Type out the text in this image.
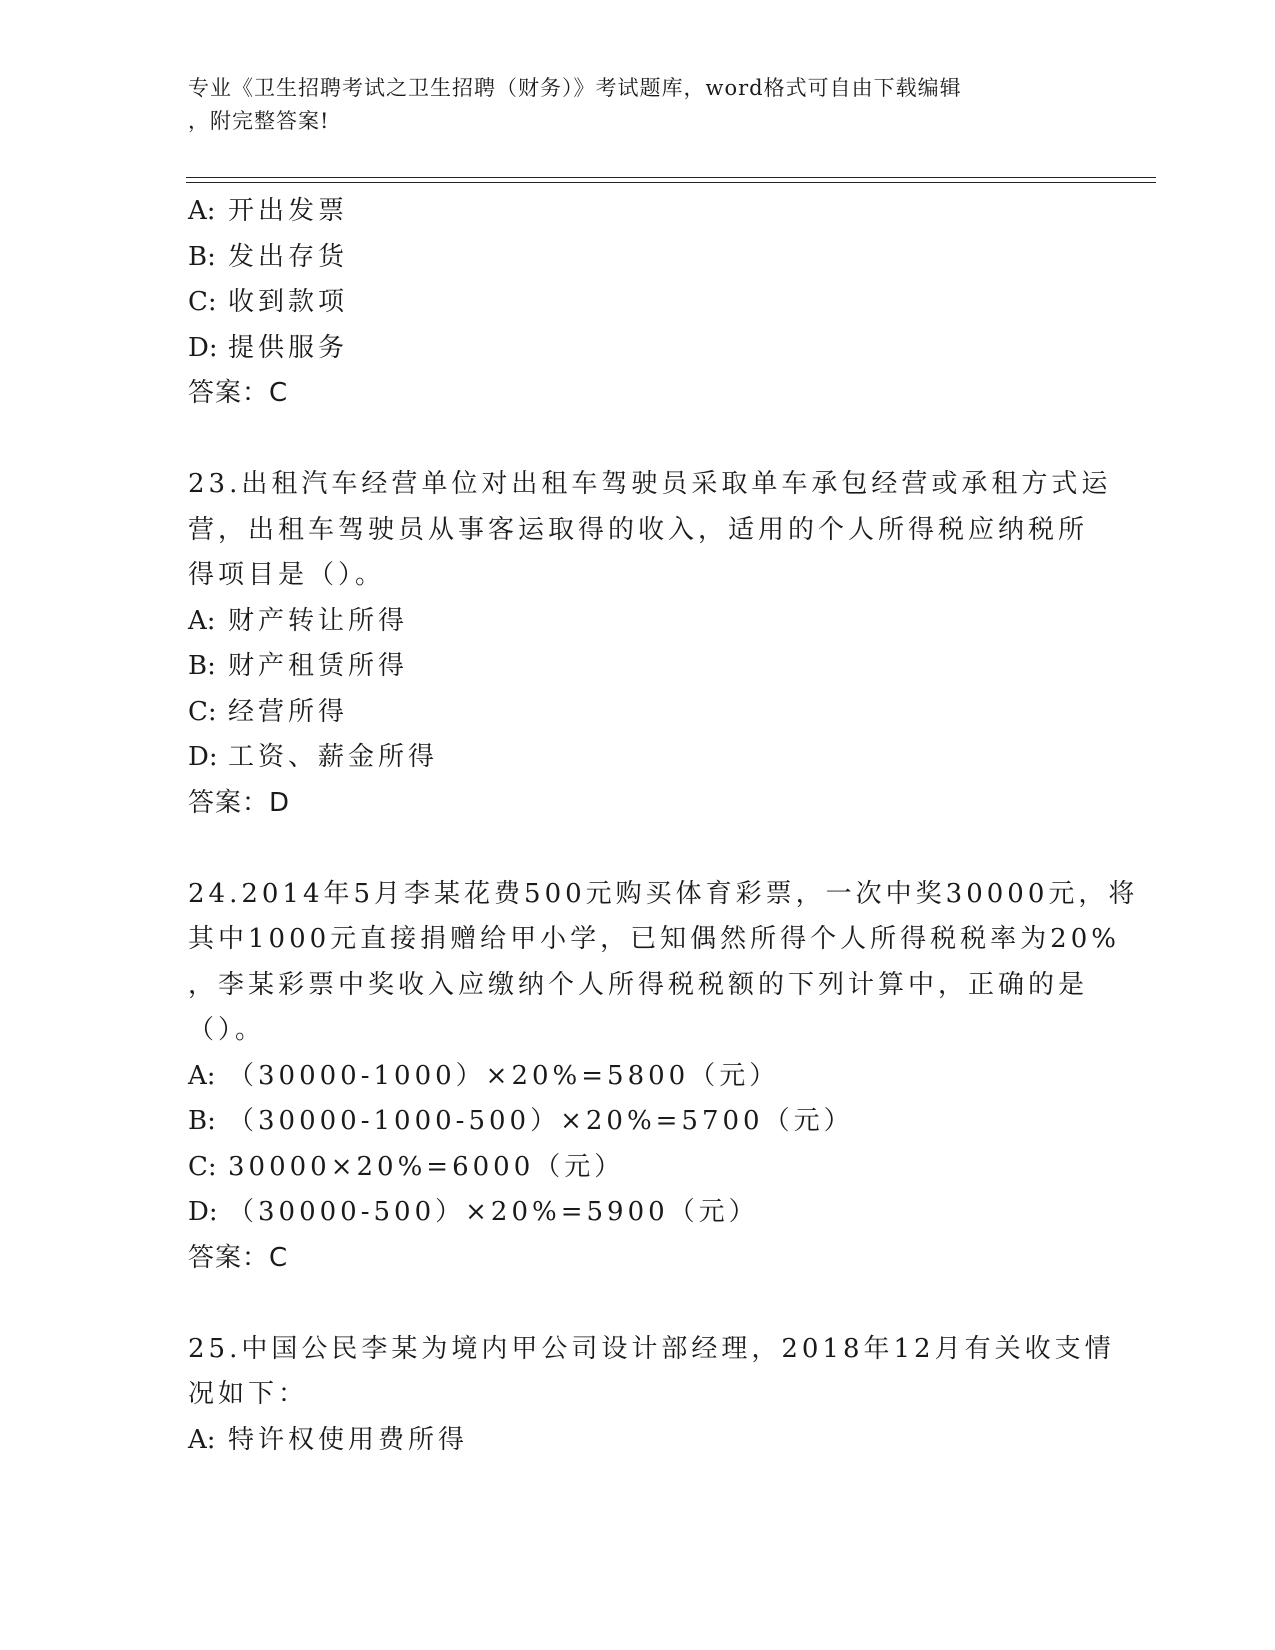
专业《卫生招聘考试之卫生招聘（财务）》考试题库，word格式可自由下载编辑
，附完整答案!
A: 开出发票
B: 发出存货
C: 收到款项
D: 提供服务
答案：C
23.出租汽车经营单位对出租车驾驶员采取单车承包经营或承租方式运
营，出租车驾驶员从事客运取得的收入，适用的个人所得税应纳税所
得项目是（）。
A: 财产转让所得
B: 财产租赁所得
C: 经营所得
D: 工资、薪金所得
答案：D
24.2014年5月李某花费500元购买体育彩票，一次中奖30000元，将
其中1000元直接捐赠给甲小学，已知偶然所得个人所得税税率为20%
，李某彩票中奖收入应缴纳个人所得税税额的下列计算中，正确的是
（）。
A: （30000-1000）×20%=5800（元）
B: （30000-1000-500）×20%=5700（元）
C: 30000×20%=6000（元）
D: （30000-500）×20%=5900（元）
答案：C
25.中国公民李某为境内甲公司设计部经理，2018年12月有关收支情
况如下：
A: 特许权使用费所得
